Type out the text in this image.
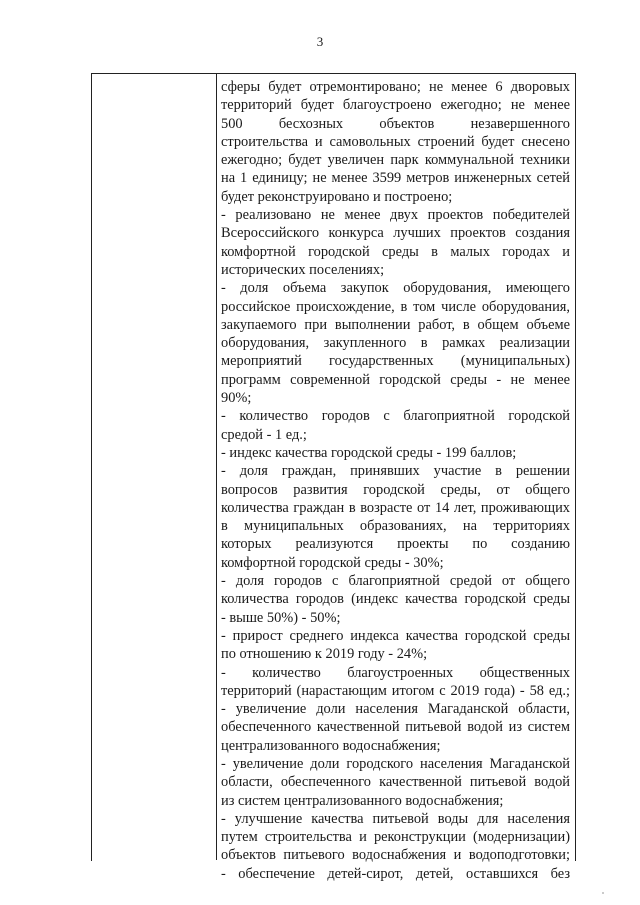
3
сферы будет отремонтировано; не менее 6 дворовых
территорий будет благоустроено ежегодно; не менее
500 бесхозных объектов незавершенного
строительства и самовольных строений будет снесено
ежегодно; будет увеличен парк коммунальной техники
на 1 единицу; не менее 3599 метров инженерных сетей
будет реконструировано и построено;
- реализовано не менее двух проектов победителей
Всероссийского конкурса лучших проектов создания
комфортной городской среды в малых городах и
исторических поселениях;
- доля объема закупок оборудования, имеющего
российское происхождение, в том числе оборудования,
закупаемого при выполнении работ, в общем объеме
оборудования, закупленного в рамках реализации
мероприятий государственных (муниципальных)
программ современной городской среды - не менее
90%;
- количество городов с благоприятной городской
средой - 1 ед.;
- индекс качества городской среды - 199 баллов;
- доля граждан, принявших участие в решении
вопросов развития городской среды, от общего
количества граждан в возрасте от 14 лет, проживающих
в муниципальных образованиях, на территориях
которых реализуются проекты по созданию
комфортной городской среды - 30%;
- доля городов с благоприятной средой от общего
количества городов (индекс качества городской среды
- выше 50%) - 50%;
- прирост среднего индекса качества городской среды
по отношению к 2019 году - 24%;
- количество благоустроенных общественных
территорий (нарастающим итогом с 2019 года) - 58 ед.;
- увеличение доли населения Магаданской области,
обеспеченного качественной питьевой водой из систем
централизованного водоснабжения;
- увеличение доли городского населения Магаданской
области, обеспеченного качественной питьевой водой
из систем централизованного водоснабжения;
- улучшение качества питьевой воды для населения
путем строительства и реконструкции (модернизации)
объектов питьевого водоснабжения и водоподготовки;
- обеспечение детей-сирот, детей, оставшихся без
